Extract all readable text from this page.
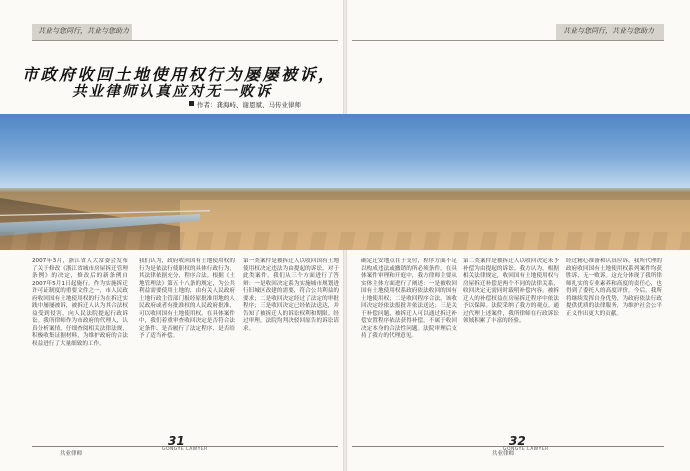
共业与您同行，共业与您助力	共业与您同行，共业与您助力
市政府收回土地使用权行为屡屡被诉，
共业律师认真应对无一败诉
作者：龚海峙、谢恩斌、马传业律师
2007年3月，浙江省人大常委会发布了关于修改《浙江省城市房屋拆迁管理条例》的决定，修改后的新条例自2007年5月1日起施行。作为实施拆迁许可证制度的重要文件之一，市人民政府收回国有土地使用权的行为在拆迁实践中屡屡被诉，被拆迁人认为其合法权益受到侵害，向人民法院提起行政诉讼。我所律师作为市政府的代理人，认真分析案情，仔细查阅相关法律法规，积极收集证据材料，为维护政府的合法权益进行了大量细致的工作。
我们认为，政府收回国有土地使用权的行为是依法行使职权的具体行政行为，其法律依据充分，程序合法。根据《土地管理法》第五十八条的规定，为公共利益需要使用土地的，由有关人民政府土地行政主管部门报经原批准用地的人民政府或者有批准权的人民政府批准，可以收回国有土地使用权。在具体案件中，我们着重审查收回决定是否符合法定条件、是否履行了法定程序、是否给予了适当补偿。
第一类案件是被拆迁人以收回国有土地使用权决定违法为由提起的诉讼。对于此类案件，我们从三个方面进行了答辩：一是收回决定系为实施城市规划进行旧城区改建的需要，符合公共利益的要求；二是收回决定经过了法定的审批程序；三是收回决定已经依法送达，并告知了被拆迁人的诉讼权利和期限。经过审理，法院均判决驳回原告的诉讼请求。
确定迁安地点在于支付，程序方面不足以构成违法或撤销的所必须条件，在具体案件审理和开庭中，我方律师主要从实体主体方面进行了阐述：一是被收回国有土地使用权系政府依法收回的国有土地使用权；二是收回程序合法，该收回决定经依法报批并依法送达；三是关于补偿问题，被拆迁人可以通过拆迁补偿安置程序依法获得补偿，不属于收回决定本身的合法性问题。法院审理后支持了我方的代理意见。
第二类案件是被拆迁人以收回决定未予补偿为由提起的诉讼。我方认为，根据相关法律规定，收回国有土地使用权与房屋拆迁补偿是两个不同的法律关系，收回决定无需同时载明补偿内容。被拆迁人的补偿权益在房屋拆迁程序中依法予以保障。法院采纳了我方的观点。通过代理上述案件，我所律师在行政诉讼领域积累了丰富的经验。
经过精心准备和认真应诉，我所代理的政府收回国有土地使用权系列案件均获胜诉，无一败诉。这充分体现了我所律师扎实的专业素养和高度的责任心，也得到了委托人的高度评价。今后，我所将继续发挥自身优势，为政府依法行政提供优质的法律服务，为维护社会公平正义作出更大的贡献。
31
共业律师
GONGYE LAWYER
32
共业律师
GONGYE LAWYER
